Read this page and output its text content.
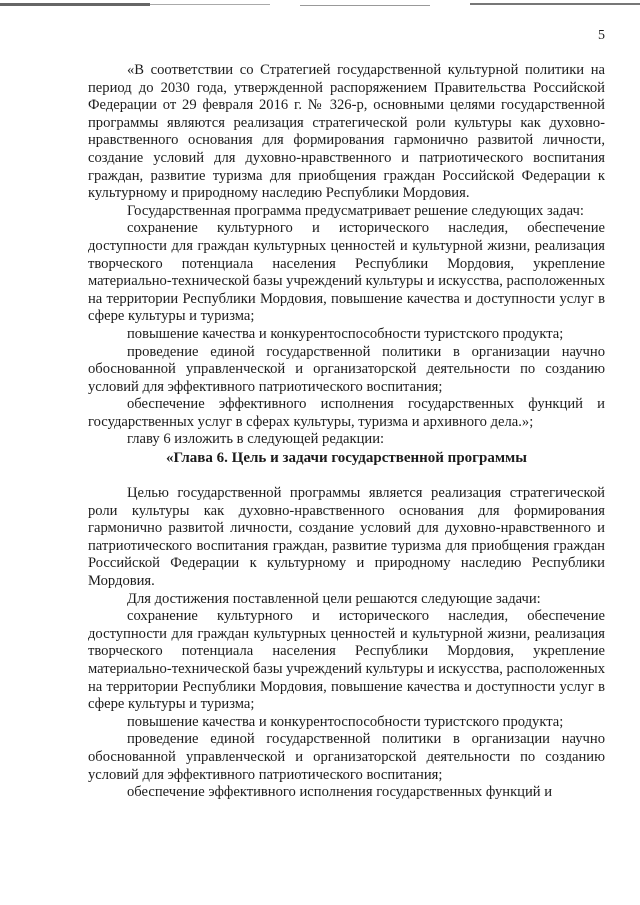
5

«В соответствии со Стратегией государственной культурной политики на период до 2030 года, утвержденной распоряжением Правительства Российской Федерации от 29 февраля 2016 г. № 326-р, основными целями государственной программы являются реализация стратегической роли культуры как духовно-нравственного основания для формирования гармонично развитой личности, создание условий для духовно-нравственного и патриотического воспитания граждан, развитие туризма для приобщения граждан Российской Федерации к культурному и природному наследию Республики Мордовия.

Государственная программа предусматривает решение следующих задач:

сохранение культурного и исторического наследия, обеспечение доступности для граждан культурных ценностей и культурной жизни, реализация творческого потенциала населения Республики Мордовия, укрепление материально-технической базы учреждений культуры и искусства, расположенных на территории Республики Мордовия, повышение качества и доступности услуг в сфере культуры и туризма;

повышение качества и конкурентоспособности туристского продукта;

проведение единой государственной политики в организации научно обоснованной управленческой и организаторской деятельности по созданию условий для эффективного патриотического воспитания;

обеспечение эффективного исполнения государственных функций и государственных услуг в сферах культуры, туризма и архивного дела.»;

главу 6 изложить в следующей редакции:

«Глава 6. Цель и задачи государственной программы

Целью государственной программы является реализация стратегической роли культуры как духовно-нравственного основания для формирования гармонично развитой личности, создание условий для духовно-нравственного и патриотического воспитания граждан, развитие туризма для приобщения граждан Российской Федерации к культурному и природному наследию Республики Мордовия.

Для достижения поставленной цели решаются следующие задачи:

сохранение культурного и исторического наследия, обеспечение доступности для граждан культурных ценностей и культурной жизни, реализация творческого потенциала населения Республики Мордовия, укрепление материально-технической базы учреждений культуры и искусства, расположенных на территории Республики Мордовия, повышение качества и доступности услуг в сфере культуры и туризма;

повышение качества и конкурентоспособности туристского продукта;

проведение единой государственной политики в организации научно обоснованной управленческой и организаторской деятельности по созданию условий для эффективного патриотического воспитания;

обеспечение эффективного исполнения государственных функций и
